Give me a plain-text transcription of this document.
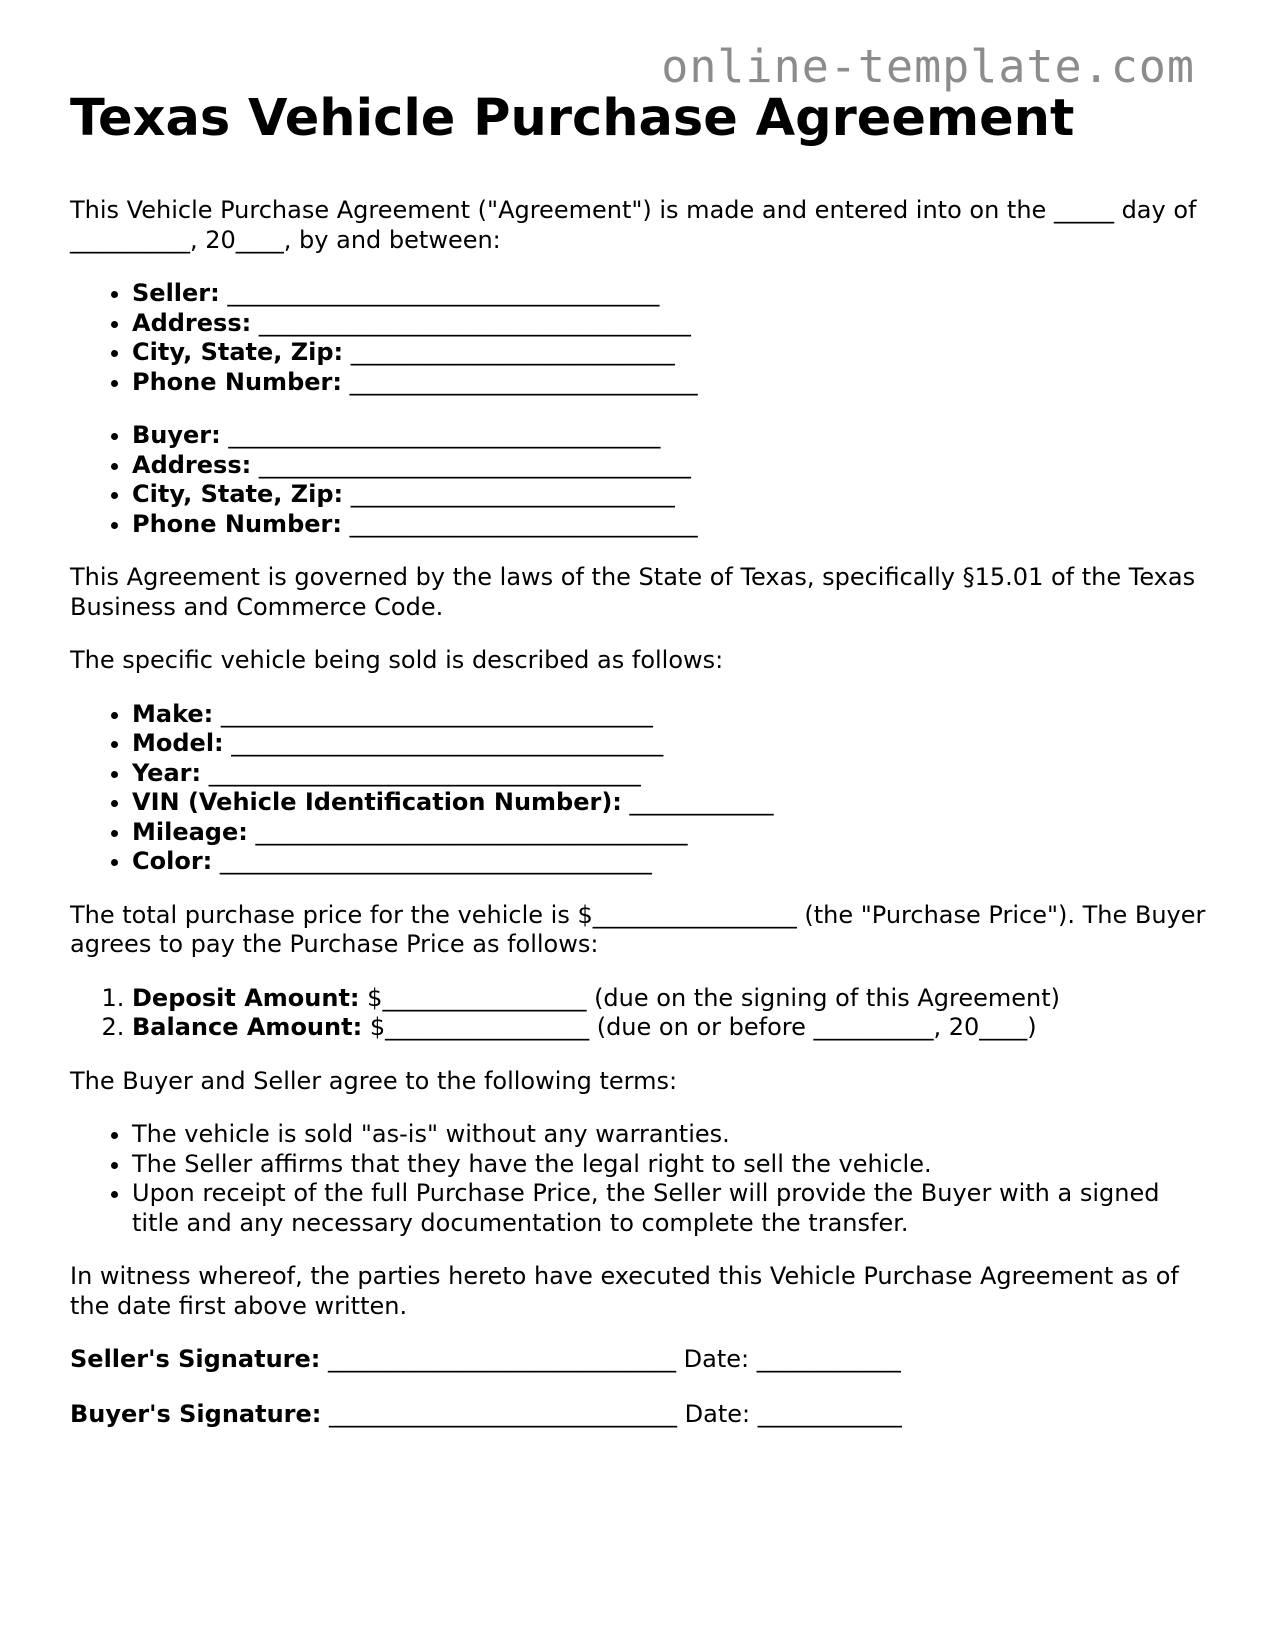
online-template.com
Texas Vehicle Purchase Agreement

This Vehicle Purchase Agreement ("Agreement") is made and entered into on the _____ day of __________, 20____, by and between:

• Seller: ____________________________________
• Address: ____________________________________
• City, State, Zip: ___________________________
• Phone Number: _____________________________
• Buyer: ____________________________________
• Address: ____________________________________
• City, State, Zip: ___________________________
• Phone Number: _____________________________

This Agreement is governed by the laws of the State of Texas, specifically §15.01 of the Texas Business and Commerce Code.

The specific vehicle being sold is described as follows:

• Make: ____________________________________
• Model: ____________________________________
• Year: ____________________________________
• VIN (Vehicle Identification Number): ____________
• Mileage: ____________________________________
• Color: ____________________________________

The total purchase price for the vehicle is $_________________ (the "Purchase Price"). The Buyer agrees to pay the Purchase Price as follows:

1. Deposit Amount: $_________________ (due on the signing of this Agreement)
2. Balance Amount: $_________________ (due on or before __________, 20____)

The Buyer and Seller agree to the following terms:

• The vehicle is sold "as-is" without any warranties.
• The Seller affirms that they have the legal right to sell the vehicle.
• Upon receipt of the full Purchase Price, the Seller will provide the Buyer with a signed title and any necessary documentation to complete the transfer.

In witness whereof, the parties hereto have executed this Vehicle Purchase Agreement as of the date first above written.

Seller's Signature: _____________________________ Date: ____________
Buyer's Signature: _____________________________ Date: ____________
